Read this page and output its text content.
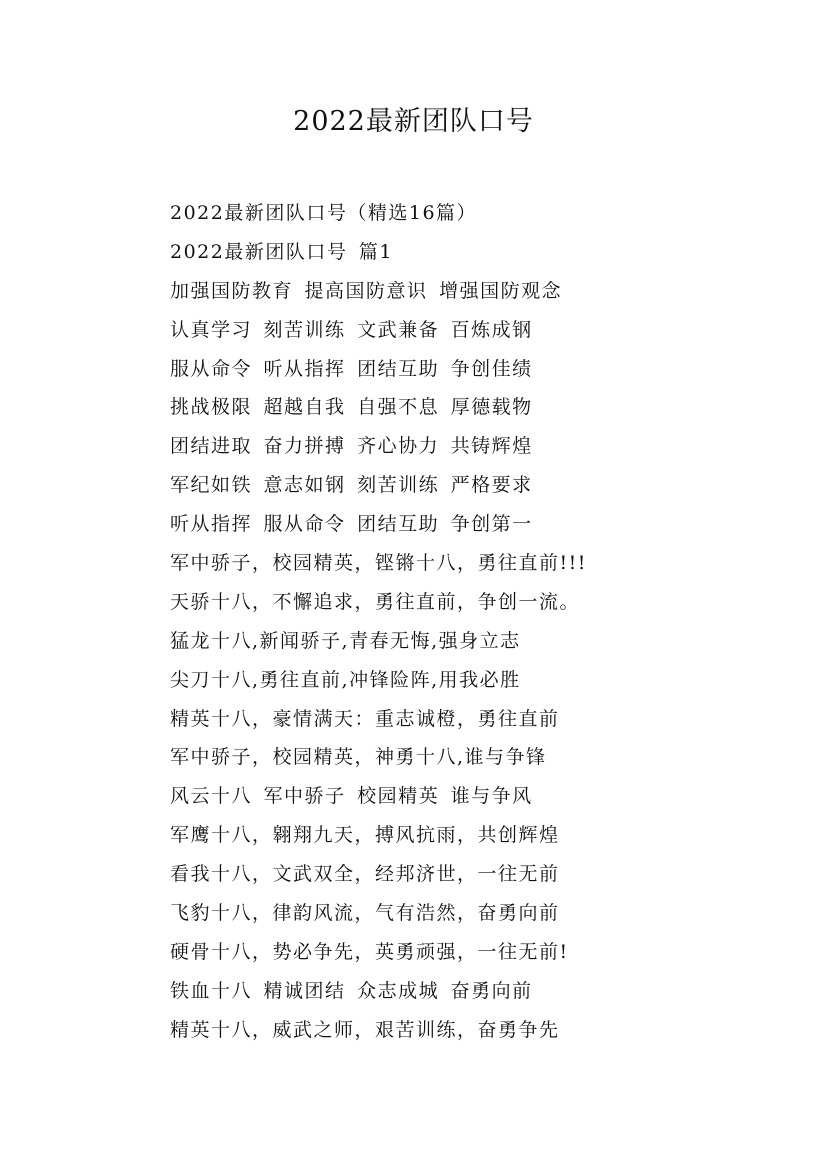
2022最新团队口号
2022最新团队口号（精选16篇）
2022最新团队口号 篇1
加强国防教育 提高国防意识 增强国防观念
认真学习 刻苦训练 文武兼备 百炼成钢
服从命令 听从指挥 团结互助 争创佳绩
挑战极限 超越自我 自强不息 厚德载物
团结进取 奋力拼搏 齐心协力 共铸辉煌
军纪如铁 意志如钢 刻苦训练 严格要求
听从指挥 服从命令 团结互助 争创第一
军中骄子，校园精英，铿锵十八，勇往直前!!!
天骄十八，不懈追求，勇往直前，争创一流。
猛龙十八,新闻骄子,青春无悔,强身立志
尖刀十八,勇往直前,冲锋险阵,用我必胜
精英十八，豪情满天：重志诚橙，勇往直前
军中骄子，校园精英，神勇十八,谁与争锋
风云十八 军中骄子 校园精英 谁与争风
军鹰十八，翱翔九天，搏风抗雨，共创辉煌
看我十八，文武双全，经邦济世，一往无前
飞豹十八，律韵风流，气有浩然，奋勇向前
硬骨十八，势必争先，英勇顽强，一往无前!
铁血十八 精诚团结 众志成城 奋勇向前
精英十八，威武之师，艰苦训练，奋勇争先
